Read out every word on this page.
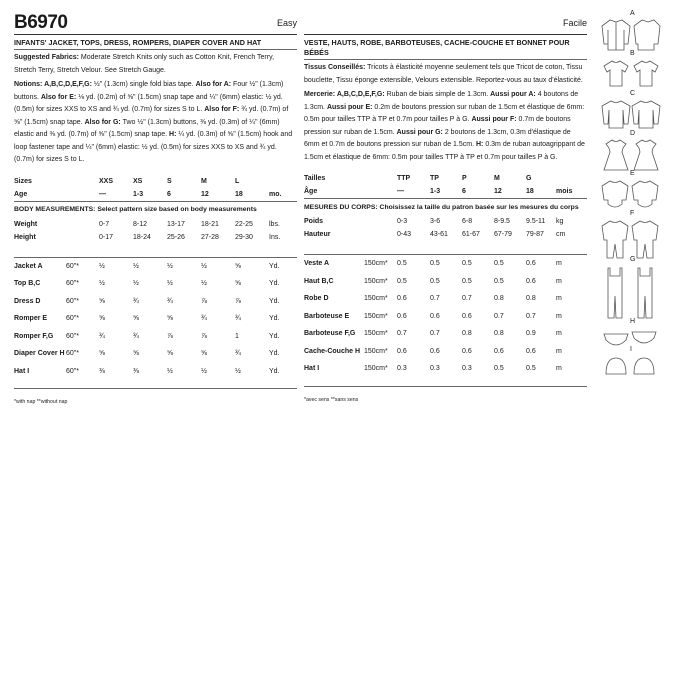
B6970	Easy
INFANTS' JACKET, TOPS, DRESS, ROMPERS, DIAPER COVER AND HAT
Suggested Fabrics: Moderate Stretch Knits only such as Cotton Knit, French Terry, Stretch Terry, Stretch Velour. See Stretch Gauge.
Notions: A,B,C,D,E,F,G: ½" (1.3cm) single fold bias tape. Also for A: Four ½" (1.3cm) buttons. Also for E: ⅛ yd. (0.2m) of ⅝" (1.5cm) snap tape and ¼" (6mm) elastic: ½ yd. (0.5m) for sizes XXS to XS and ¾ yd. (0.7m) for sizes S to L. Also for F: ¾ yd. (0.7m) of ⅝" (1.5cm) snap tape. Also for G: Two ½" (1.3cm) buttons, ⅜ yd. (0.3m) of ¼" (6mm) elastic and ⅜ yd. (0.7m) of ⅝" (1.5cm) snap tape. H: ¼ yd. (0.3m) of ⅝" (1.5cm) hook and loop fastener tape and ¼" (6mm) elastic: ½ yd. (0.5m) for sizes XXS to XS and ¾ yd. (0.7m) for sizes S to L.
Sizes		XXS	XS	S	M	L	
Age		—	1-3	6	12	18	mo.
BODY MEASUREMENTS: Select pattern size based on body measurements							
Weight		0-7	8-12	13-17	18-21	22-25	lbs.
Height		0-17	18-24	25-26	27-28	29-30	Ins.

Jacket A	60"*	½	½	½	½	⅝	Yd.
Top B,C	60"*	½	½	½	½	⅝	Yd.
Dress D	60"*	⅝	¾	¾	⅞	⅞	Yd.
Romper E	60"*	⅝	⅝	⅝	¾	¾	Yd.
Romper F,G	60"*	¾	¾	⅞	⅞	1	Yd.
Diaper Cover H	60"*	⅝	⅝	⅝	⅝	¾	Yd.
Hat I	60"*	⅜	⅜	½	½	½	Yd.
*with nap **without nap
Facile
VESTE, HAUTS, ROBE, BARBOTEUSES, CACHE-COUCHE ET BONNET POUR BÉBÉS
Tissus Conseillés: Tricots à élasticité moyenne seulement tels que Tricot de coton, Tissu bouclette, Tissu éponge extensible, Velours extensible. Reportez-vous au taux d'élasticité.
Mercerie: A,B,C,D,E,F,G: Ruban de biais simple de 1.3cm. Aussi pour A: 4 boutons de 1.3cm. Aussi pour E: 0.2m de boutons pression sur ruban de 1.5cm et élastique de 6mm: 0.5m pour tailles TTP à TP et 0.7m pour tailles P à G. Aussi pour F: 0.7m de boutons pression sur ruban de 1.5cm. Aussi pour G: 2 boutons de 1.3cm, 0.3m d'élastique de 6mm et 0.7m de boutons pression sur ruban de 1.5cm. H: 0.3m de ruban autoagrippant de 1.5cm et élastique de 6mm: 0.5m pour tailles TTP à TP et 0.7m pour tailles P à G.
Tailles		TTP	TP	P	M	G	
Âge		—	1-3	6	12	18	mois
MESURES DU CORPS: Choisissez la taille du patron basée sur les mesures du corps							
Poids		0-3	3-6	6-8	8-9.5	9.5-11	kg
Hauteur		0-43	43-61	61-67	67-79	79-87	cm

Veste A	150cm*	0.5	0.5	0.5	0.5	0.6	m
Haut B,C	150cm*	0.5	0.5	0.5	0.5	0.6	m
Robe D	150cm*	0.6	0.7	0.7	0.8	0.8	m
Barboteuse E	150cm*	0.6	0.6	0.6	0.7	0.7	m
Barboteuse F,G	150cm*	0.7	0.7	0.8	0.8	0.9	m
Cache-Couche H	150cm*	0.6	0.6	0.6	0.6	0.6	m
Hat I	150cm*	0.3	0.3	0.3	0.5	0.5	m
*avec sens **sans sens
A
B
C
D
E
F
G
H
I
